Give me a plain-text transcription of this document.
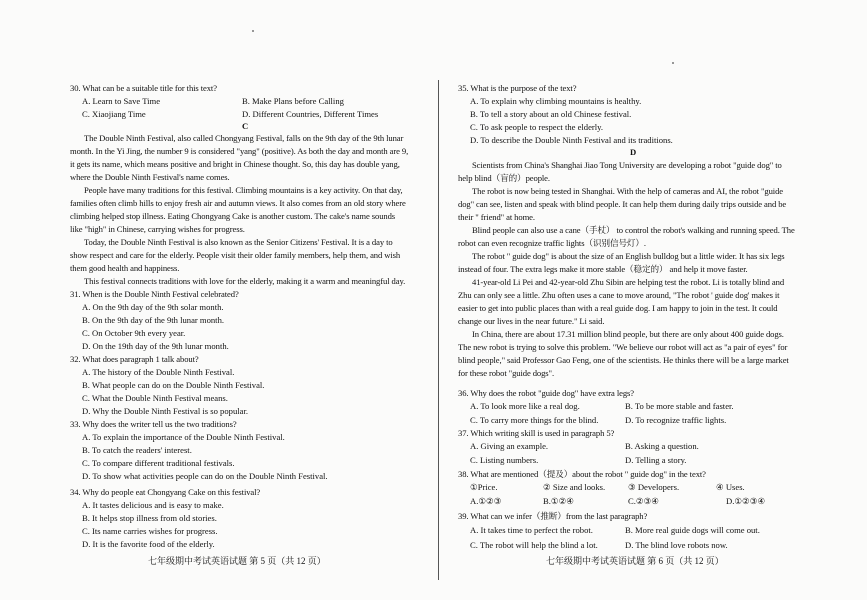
30. What can be a suitable title for this text?
A. Learn to Save Time	B. Make Plans before Calling
C. Xiaojiang Time	D. Different Countries, Different Times
C
The Double Ninth Festival, also called Chongyang Festival, falls on the 9th day of the 9th lunar
month. In the Yi Jing, the number 9 is considered "yang" (positive). As both the day and month are 9,
it gets its name, which means positive and bright in Chinese thought. So, this day has double yang,
where the Double Ninth Festival's name comes.
People have many traditions for this festival. Climbing mountains is a key activity. On that day,
families often climb hills to enjoy fresh air and autumn views. It also comes from an old story where
climbing helped stop illness. Eating Chongyang Cake is another custom. The cake's name sounds
like "high" in Chinese, carrying wishes for progress.
Today, the Double Ninth Festival is also known as the Senior Citizens' Festival. It is a day to
show respect and care for the elderly. People visit their older family members, help them, and wish
them good health and happiness.
This festival connects traditions with love for the elderly, making it a warm and meaningful day.
31. When is the Double Ninth Festival celebrated?
A. On the 9th day of the 9th solar month.
B. On the 9th day of the 9th lunar month.
C. On October 9th every year.
D. On the 19th day of the 9th lunar month.
32. What does paragraph 1 talk about?
A. The history of the Double Ninth Festival.
B. What people can do on the Double Ninth Festival.
C. What the Double Ninth Festival means.
D. Why the Double Ninth Festival is so popular.
33. Why does the writer tell us the two traditions?
A. To explain the importance of the Double Ninth Festival.
B. To catch the readers' interest.
C. To compare different traditional festivals.
D. To show what activities people can do on the Double Ninth Festival.
34. Why do people eat Chongyang Cake on this festival?
A. It tastes delicious and is easy to make.
B. It helps stop illness from old stories.
C. Its name carries wishes for progress.
D. It is the favorite food of the elderly.
七年级期中考试英语试题 第 5 页（共 12 页）
35. What is the purpose of the text?
A. To explain why climbing mountains is healthy.
B. To tell a story about an old Chinese festival.
C. To ask people to respect the elderly.
D. To describe the Double Ninth Festival and its traditions.
D
Scientists from China's Shanghai Jiao Tong University are developing a robot "guide dog" to
help blind（盲的）people.
The robot is now being tested in Shanghai. With the help of cameras and AI, the robot "guide
dog" can see, listen and speak with blind people. It can help them during daily trips outside and be
their " friend" at home.
Blind people can also use a cane（手杖） to control the robot's walking and running speed. The
robot can even recognize traffic lights（识别信号灯）.
The robot " guide dog" is about the size of an English bulldog but a little wider. It has six legs
instead of four. The extra legs make it more stable（稳定的） and help it move faster.
41-year-old Li Pei and 42-year-old Zhu Sibin are helping test the robot. Li is totally blind and
Zhu can only see a little. Zhu often uses a cane to move around, "The robot ' guide dog' makes it
easier to get into public places than with a real guide dog. I am happy to join in the test. It could
change our lives in the near future." Li said.
In China, there are about 17.31 million blind people, but there are only about 400 guide dogs.
The new robot is trying to solve this problem. "We believe our robot will act as "a pair of eyes" for
blind people," said Professor Gao Feng, one of the scientists. He thinks there will be a large market
for these robot "guide dogs".
36. Why does the robot "guide dog" have extra legs?
A. To look more like a real dog.	B. To be more stable and faster.
C. To carry more things for the blind.	D. To recognize traffic lights.
37. Which writing skill is used in paragraph 5?
A. Giving an example.	B. Asking a question.
C. Listing numbers.	D. Telling a story.
38. What are mentioned（提及）about the robot " guide dog" in the text?
①Price.	② Size and looks.	③ Developers.	④ Uses.
A.①②③	B.①②④	C.②③④	D.①②③④
39. What can we infer（推断）from the last paragraph?
A. It takes time to perfect the robot.	B. More real guide dogs will come out.
C. The robot will help the blind a lot.	D. The blind love robots now.
七年级期中考试英语试题 第 6 页（共 12 页）
